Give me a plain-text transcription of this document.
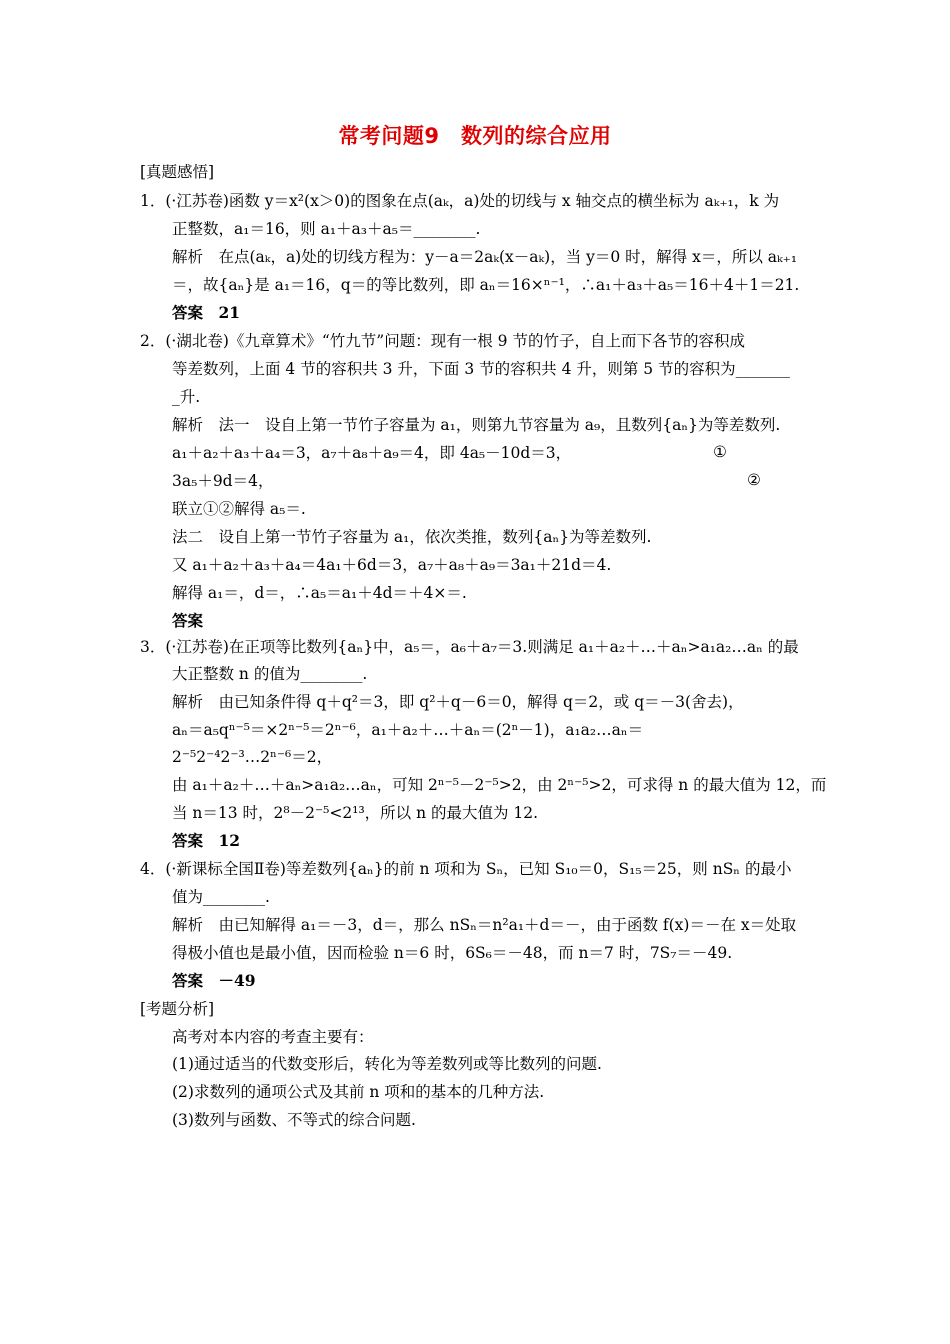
常考问题9　数列的综合应用
[真题感悟]
1．(·江苏卷)函数 y＝x²(x＞0)的图象在点(aₖ，a)处的切线与 x 轴交点的横坐标为 aₖ₊₁，k 为
正整数，a₁＝16，则 a₁＋a₃＋a₅＝________.
解析　在点(aₖ，a)处的切线方程为：y－a＝2aₖ(x－aₖ)，当 y＝0 时，解得 x＝，所以 aₖ₊₁
＝，故{aₙ}是 a₁＝16，q＝的等比数列，即 aₙ＝16×ⁿ⁻¹，∴a₁＋a₃＋a₅＝16＋4＋1＝21.
答案　21
2．(·湖北卷)《九章算术》“竹九节”问题：现有一根 9 节的竹子，自上而下各节的容积成
等差数列，上面 4 节的容积共 3 升，下面 3 节的容积共 4 升，则第 5 节的容积为_______
_升.
解析　法一　设自上第一节竹子容量为 a₁，则第九节容量为 a₉，且数列{aₙ}为等差数列.
a₁＋a₂＋a₃＋a₄＝3，a₇＋a₈＋a₉＝4，即 4a₅－10d＝3，	①
3a₅＋9d＝4，	②
联立①②解得 a₅＝.
法二　设自上第一节竹子容量为 a₁，依次类推，数列{aₙ}为等差数列.
又 a₁＋a₂＋a₃＋a₄＝4a₁＋6d＝3，a₇＋a₈＋a₉＝3a₁＋21d＝4.
解得 a₁＝，d＝，∴a₅＝a₁＋4d＝＋4×＝.
答案
3．(·江苏卷)在正项等比数列{aₙ}中，a₅＝，a₆＋a₇＝3.则满足 a₁＋a₂＋…＋aₙ>a₁a₂…aₙ 的最
大正整数 n 的值为________.
解析　由已知条件得 q＋q²＝3，即 q²＋q－6＝0，解得 q＝2，或 q＝－3(舍去)，
aₙ＝a₅qⁿ⁻⁵＝×2ⁿ⁻⁵＝2ⁿ⁻⁶，a₁＋a₂＋…＋aₙ＝(2ⁿ－1)，a₁a₂…aₙ＝
2⁻⁵2⁻⁴2⁻³…2ⁿ⁻⁶＝2，
由 a₁＋a₂＋…＋aₙ>a₁a₂…aₙ，可知 2ⁿ⁻⁵－2⁻⁵>2，由 2ⁿ⁻⁵>2，可求得 n 的最大值为 12，而
当 n＝13 时，2⁸－2⁻⁵<2¹³，所以 n 的最大值为 12.
答案　12
4．(·新课标全国Ⅱ卷)等差数列{aₙ}的前 n 项和为 Sₙ，已知 S₁₀＝0，S₁₅＝25，则 nSₙ 的最小
值为________.
解析　由已知解得 a₁＝－3，d＝，那么 nSₙ＝n²a₁＋d＝－，由于函数 f(x)＝－在 x＝处取
得极小值也是最小值，因而检验 n＝6 时，6S₆＝－48，而 n＝7 时，7S₇＝－49.
答案　－49
[考题分析]
高考对本内容的考查主要有：
(1)通过适当的代数变形后，转化为等差数列或等比数列的问题.
(2)求数列的通项公式及其前 n 项和的基本的几种方法.
(3)数列与函数、不等式的综合问题.
